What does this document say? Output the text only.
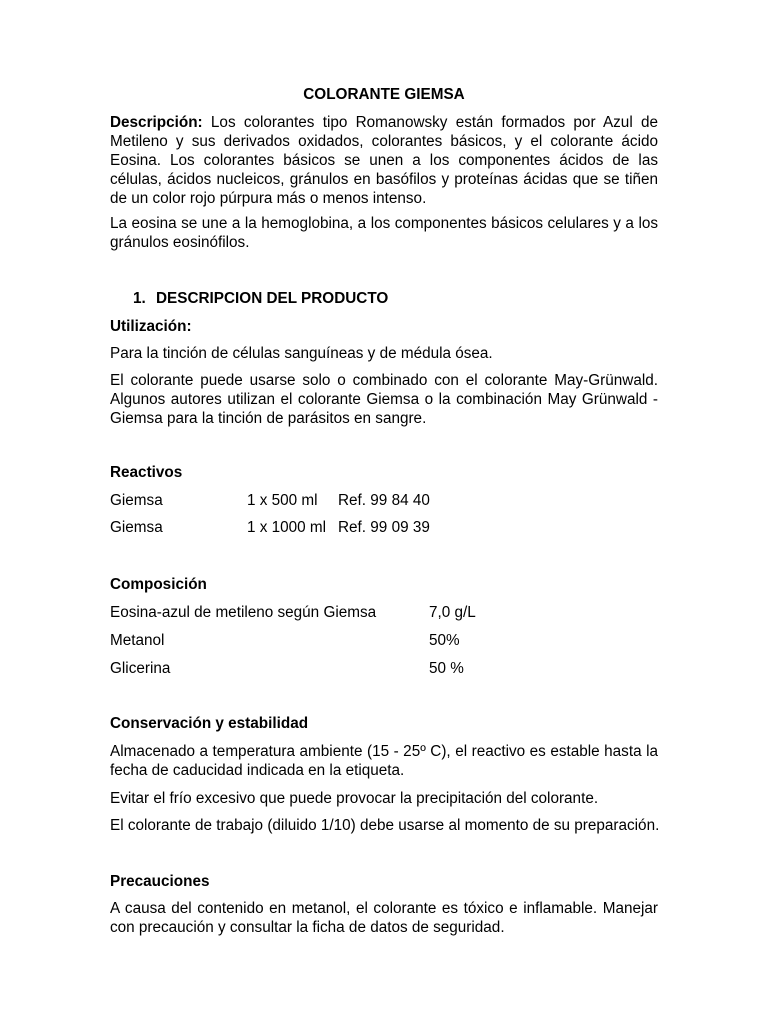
COLORANTE GIEMSA

Descripción: Los colorantes tipo Romanowsky están formados por Azul de Metileno y sus derivados oxidados, colorantes básicos, y el colorante ácido Eosina. Los colorantes básicos se unen a los componentes ácidos de las células, ácidos nucleicos, gránulos en basófilos y proteínas ácidas que se tiñen de un color rojo púrpura más o menos intenso.

La eosina se une a la hemoglobina, a los componentes básicos celulares y a los gránulos eosinófilos.

1. DESCRIPCION DEL PRODUCTO
Utilización:

Para la tinción de células sanguíneas y de médula ósea.

El colorante puede usarse solo o combinado con el colorante May-Grünwald. Algunos autores utilizan el colorante Giemsa o la combinación May Grünwald - Giemsa para la tinción de parásitos en sangre.

Reactivos
Giemsa	1 x 500 ml Ref. 99 84 40
Giemsa	1 x 1000 ml Ref. 99 09 39
Composición
Eosina-azul de metileno según Giemsa	7,0 g/L
Metanol	50%
Glicerina	50 %
Conservación y estabilidad

Almacenado a temperatura ambiente (15 - 25º C), el reactivo es estable hasta la fecha de caducidad indicada en la etiqueta.

Evitar el frío excesivo que puede provocar la precipitación del colorante.

El colorante de trabajo (diluido 1/10) debe usarse al momento de su preparación.

Precauciones

A causa del contenido en metanol, el colorante es tóxico e inflamable. Manejar con precaución y consultar la ficha de datos de seguridad.
